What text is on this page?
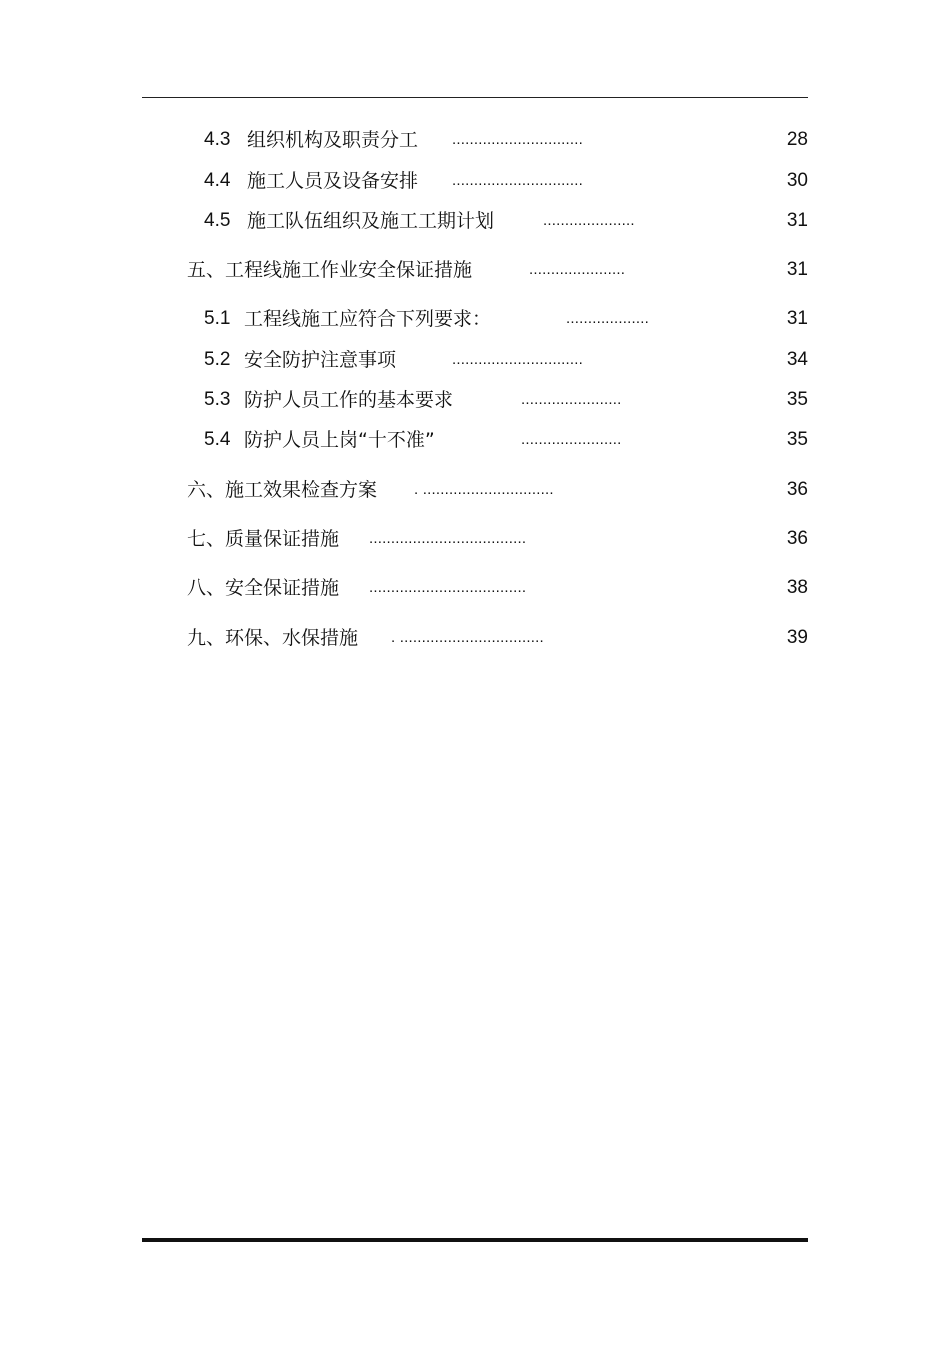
4.3 组织机构及职责分工 ..............................	28
4.4 施工人员及设备安排 ..............................	30
4.5 施工队伍组织及施工工期计划	.....................	31
五、工程线施工作业安全保证措施	......................	31
5.1 工程线施工应符合下列要求：	...................	31
5.2 安全防护注意事项	..............................	34
5.3 防护人员工作的基本要求	.......................	35
5.4 防护人员上岗“十不准”	.......................	35
六、施工效果检查方案 . ..............................	36
七、质量保证措施 ....................................	36
八、安全保证措施 ....................................	38
九、环保、水保措施 . .................................	39
